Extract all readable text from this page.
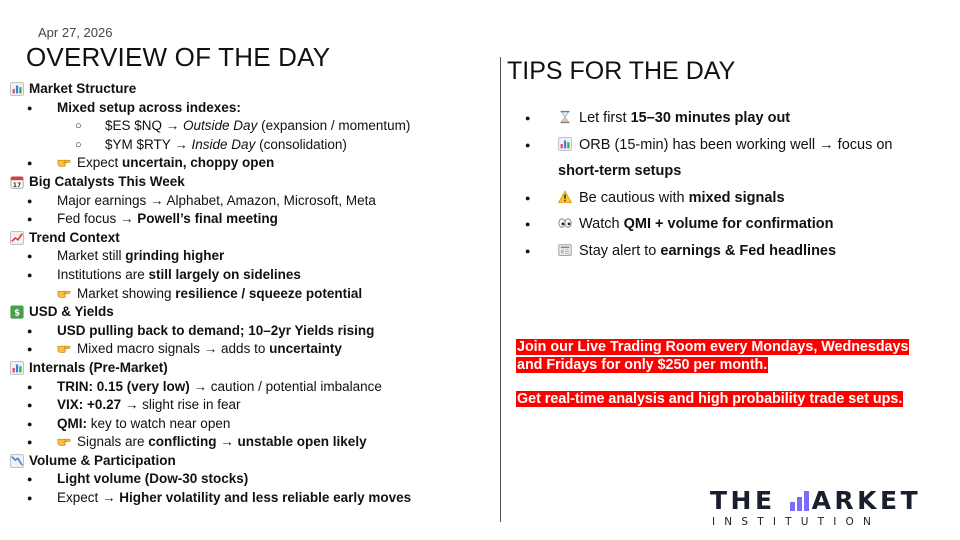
Apr 27, 2026
OVERVIEW OF THE DAY	TIPS FOR THE DAY
Market Structure
● Mixed setup across indexes:
○ $ES $NQ → Outside Day (expansion / momentum)
○ $YM $RTY → Inside Day (consolidation)
● Expect uncertain, choppy open
17 Big Catalysts This Week
● Major earnings → Alphabet, Amazon, Microsoft, Meta
● Fed focus → Powell’s final meeting
Trend Context
● Market still grinding higher
● Institutions are still largely on sidelines
Market showing resilience / squeeze potential
$ USD & Yields
● USD pulling back to demand; 10–2yr Yields rising
● Mixed macro signals → adds to uncertainty
Internals (Pre-Market)
● TRIN: 0.15 (very low) → caution / potential imbalance
● VIX: +0.27 → slight rise in fear
● QMI: key to watch near open
● Signals are conflicting → unstable open likely
Volume & Participation
● Light volume (Dow-30 stocks)
● Expect → Higher volatility and less reliable early moves
● Let first 15–30 minutes play out
● ORB (15-min) has been working well → focus on
short-term setups
● Be cautious with mixed signals
● Watch QMI + volume for confirmation
● Stay alert to earnings & Fed headlines

Join our Live Trading Room every Mondays, Wednesdays and Fridays for only $250 per month.

Get real-time analysis and high probability trade set ups.

THE ARKET
INSTITUTION
